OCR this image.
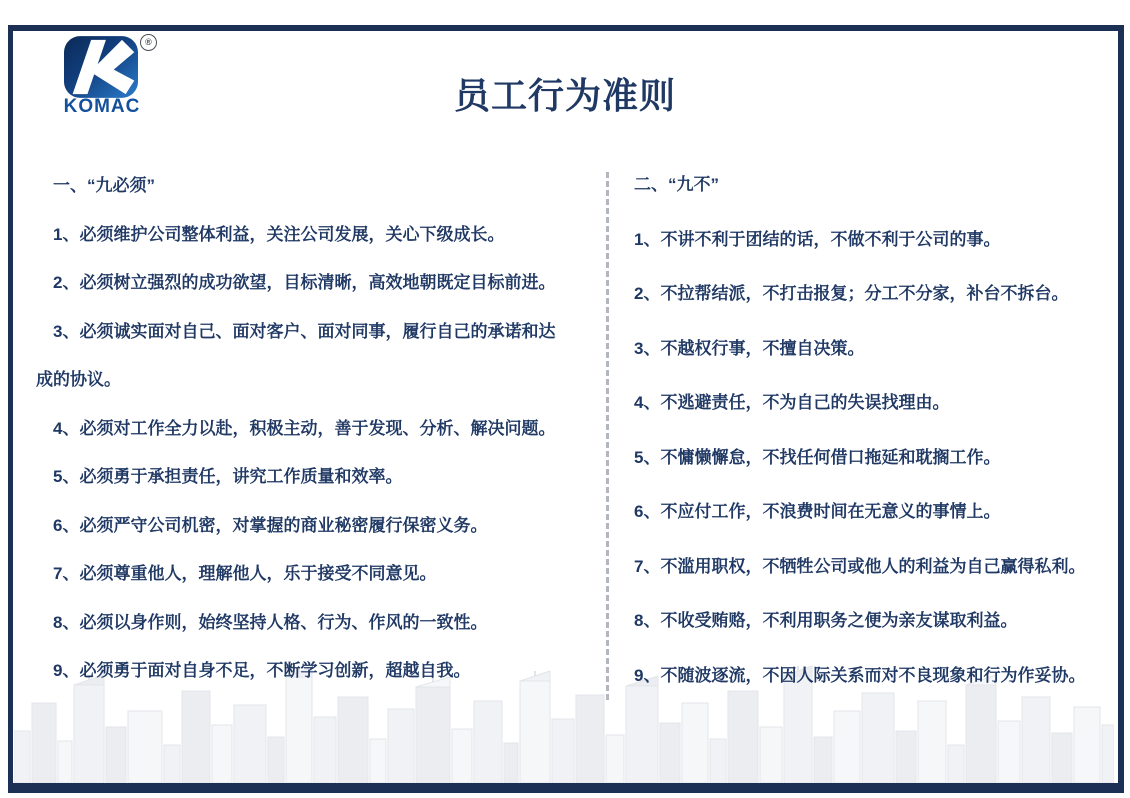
®
KOMAC	员工行为准则
一、“九必须”

1、必须维护公司整体利益，关注公司发展，关心下级成长。

2、必须树立强烈的成功欲望，目标清晰，高效地朝既定目标前进。

3、必须诚实面对自己、面对客户、面对同事，履行自己的承诺和达成的协议。

4、必须对工作全力以赴，积极主动，善于发现、分析、解决问题。

5、必须勇于承担责任，讲究工作质量和效率。

6、必须严守公司机密，对掌握的商业秘密履行保密义务。

7、必须尊重他人，理解他人，乐于接受不同意见。

8、必须以身作则，始终坚持人格、行为、作风的一致性。

9、必须勇于面对自身不足，不断学习创新，超越自我。

二、“九不”

1、不讲不利于团结的话，不做不利于公司的事。

2、不拉帮结派，不打击报复；分工不分家，补台不拆台。

3、不越权行事，不擅自决策。

4、不逃避责任，不为自己的失误找理由。

5、不慵懒懈怠，不找任何借口拖延和耽搁工作。

6、不应付工作，不浪费时间在无意义的事情上。

7、不滥用职权，不牺牲公司或他人的利益为自己赢得私利。

8、不收受贿赂，不利用职务之便为亲友谋取利益。

9、不随波逐流，不因人际关系而对不良现象和行为作妥协。
